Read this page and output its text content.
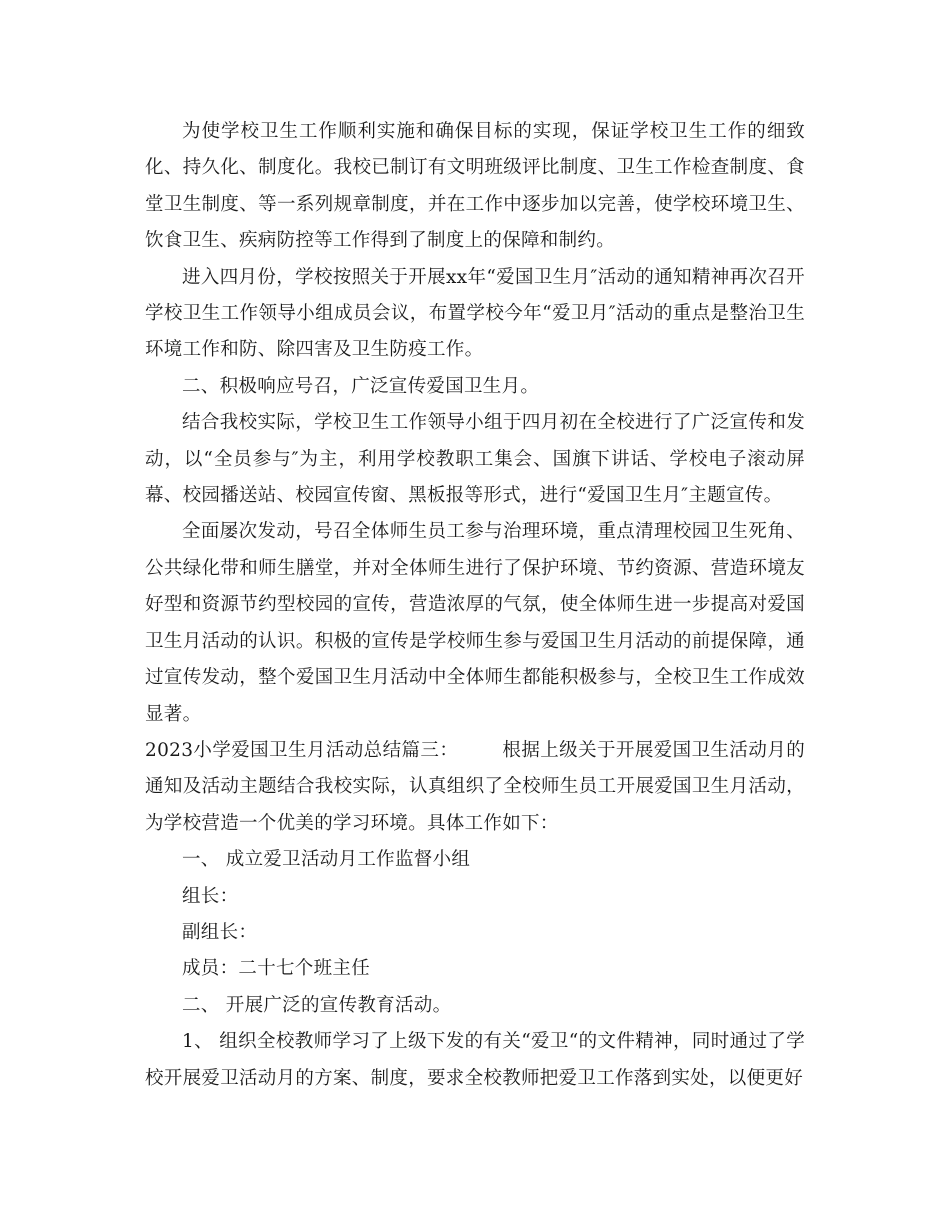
为使学校卫生工作顺利实施和确保目标的实现，保证学校卫生工作的细致化、持久化、制度化。我校已制订有文明班级评比制度、卫生工作检查制度、食堂卫生制度、等一系列规章制度，并在工作中逐步加以完善，使学校环境卫生、饮食卫生、疾病防控等工作得到了制度上的保障和制约。

进入四月份，学校按照关于开展xx年“爱国卫生月″活动的通知精神再次召开学校卫生工作领导小组成员会议，布置学校今年“爱卫月″活动的重点是整治卫生环境工作和防、除四害及卫生防疫工作。

二、积极响应号召，广泛宣传爱国卫生月。

结合我校实际，学校卫生工作领导小组于四月初在全校进行了广泛宣传和发动，以“全员参与″为主，利用学校教职工集会、国旗下讲话、学校电子滚动屏幕、校园播送站、校园宣传窗、黑板报等形式，进行“爱国卫生月″主题宣传。

全面屡次发动，号召全体师生员工参与治理环境，重点清理校园卫生死角、公共绿化带和师生膳堂，并对全体师生进行了保护环境、节约资源、营造环境友好型和资源节约型校园的宣传，营造浓厚的气氛，使全体师生进一步提高对爱国卫生月活动的认识。积极的宣传是学校师生参与爱国卫生月活动的前提保障，通过宣传发动，整个爱国卫生月活动中全体师生都能积极参与，全校卫生工作成效显著。

2023小学爱国卫生月活动总结篇三： 根据上级关于开展爱国卫生活动月的通知及活动主题结合我校实际，认真组织了全校师生员工开展爱国卫生月活动，为学校营造一个优美的学习环境。具体工作如下：

一、 成立爱卫活动月工作监督小组

组长：

副组长：

成员：二十七个班主任

二、 开展广泛的宣传教育活动。

1、 组织全校教师学习了上级下发的有关“爱卫“的文件精神，同时通过了学校开展爱卫活动月的方案、制度，要求全校教师把爱卫工作落到实处，以便更好
